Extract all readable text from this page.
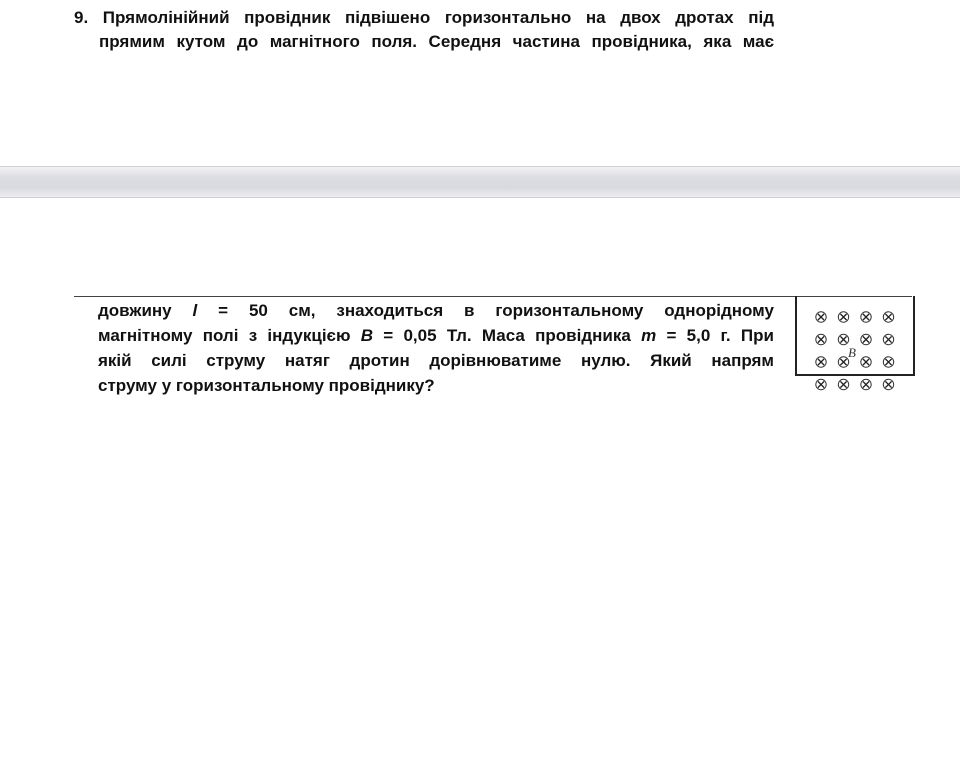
9. Прямолінійний провідник підвішено горизонтально на двох дротах під
прямим кутом до магнітного поля. Середня частина провідника, яка має
довжину l = 50 см, знаходиться в горизонтальному однорідному
магнітному полі з індукцією B = 0,05 Тл. Маса провідника m = 5,0 г. При
якій силі струму натяг дротин дорівнюватиме нулю. Який напрям
струму у горизонтальному провіднику?
B
